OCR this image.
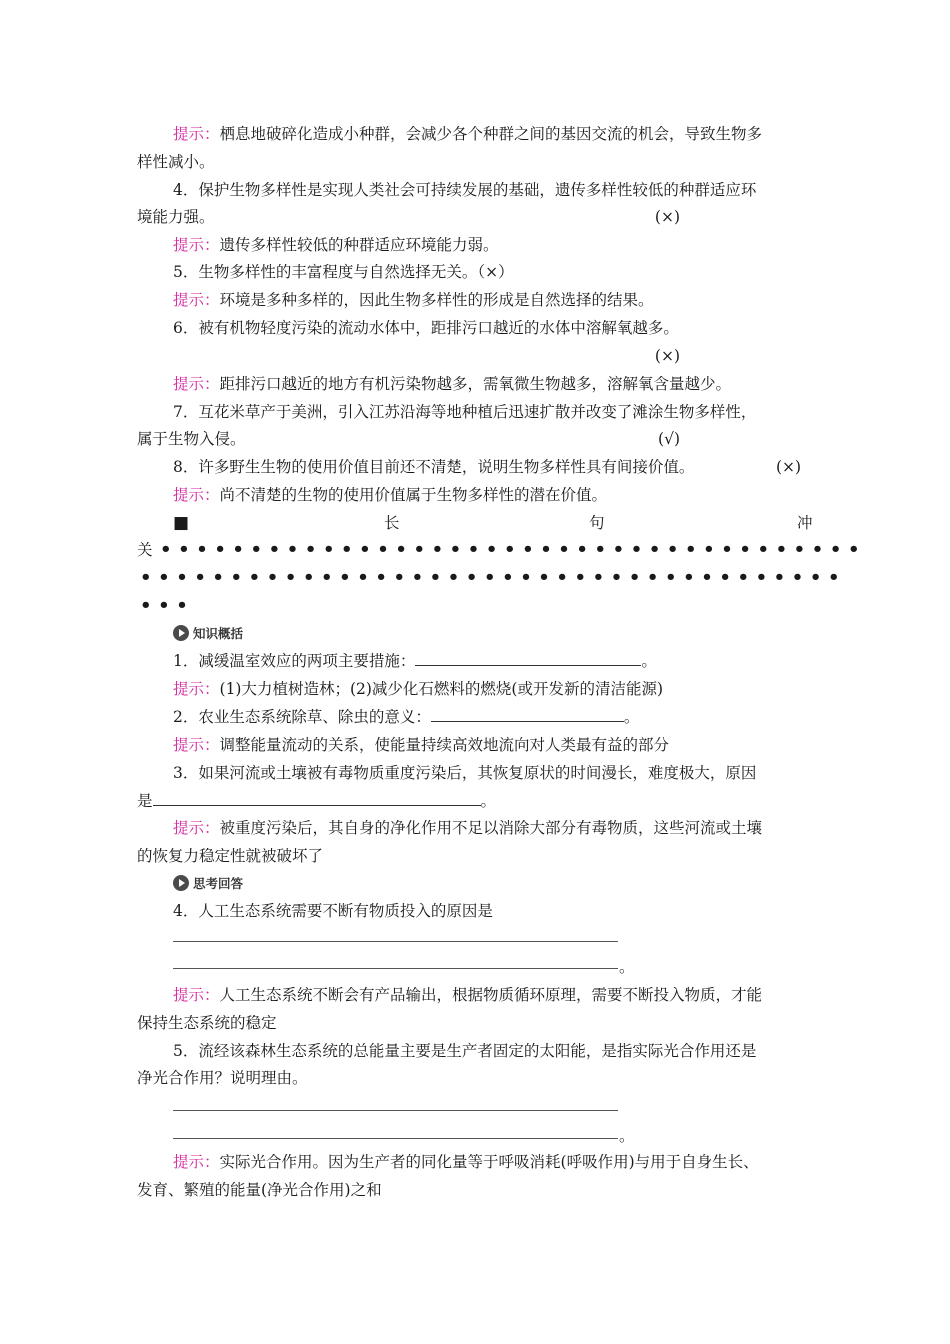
提示：栖息地破碎化造成小种群，会减少各个种群之间的基因交流的机会，导致生物多
样性减小。
4．保护生物多样性是实现人类社会可持续发展的基础，遗传多样性较低的种群适应环
境能力强。	(×)
提示：遗传多样性较低的种群适应环境能力弱。
5．生物多样性的丰富程度与自然选择无关。（×）
提示：环境是多种多样的，因此生物多样性的形成是自然选择的结果。
6．被有机物轻度污染的流动水体中，距排污口越近的水体中溶解氧越多。
(×)
提示：距排污口越近的地方有机污染物越多，需氧微生物越多，溶解氧含量越少。
7．互花米草产于美洲，引入江苏沿海等地种植后迅速扩散并改变了滩涂生物多样性，
属于生物入侵。	(√)
8．许多野生生物的使用价值目前还不清楚，说明生物多样性具有间接价值。	(×)
提示：尚不清楚的生物的使用价值属于生物多样性的潜在价值。
■	长	句	冲
关 •••••••••••••••••••••••••••••••••••••••
•••••••••••••••••••••••••••••••••••••••
•••
知识概括
1．减缓温室效应的两项主要措施：	。
提示：(1)大力植树造林；(2)减少化石燃料的燃烧(或开发新的清洁能源)
2．农业生态系统除草、除虫的意义：	。
提示：调整能量流动的关系，使能量持续高效地流向对人类最有益的部分
3．如果河流或土壤被有毒物质重度污染后，其恢复原状的时间漫长，难度极大，原因
是	。
提示：被重度污染后，其自身的净化作用不足以消除大部分有毒物质，这些河流或土壤
的恢复力稳定性就被破坏了
思考回答
4．人工生态系统需要不断有物质投入的原因是
。
提示：人工生态系统不断会有产品输出，根据物质循环原理，需要不断投入物质，才能
保持生态系统的稳定
5．流经该森林生态系统的总能量主要是生产者固定的太阳能，是指实际光合作用还是
净光合作用？说明理由。
。
提示：实际光合作用。因为生产者的同化量等于呼吸消耗(呼吸作用)与用于自身生长、
发育、繁殖的能量(净光合作用)之和
